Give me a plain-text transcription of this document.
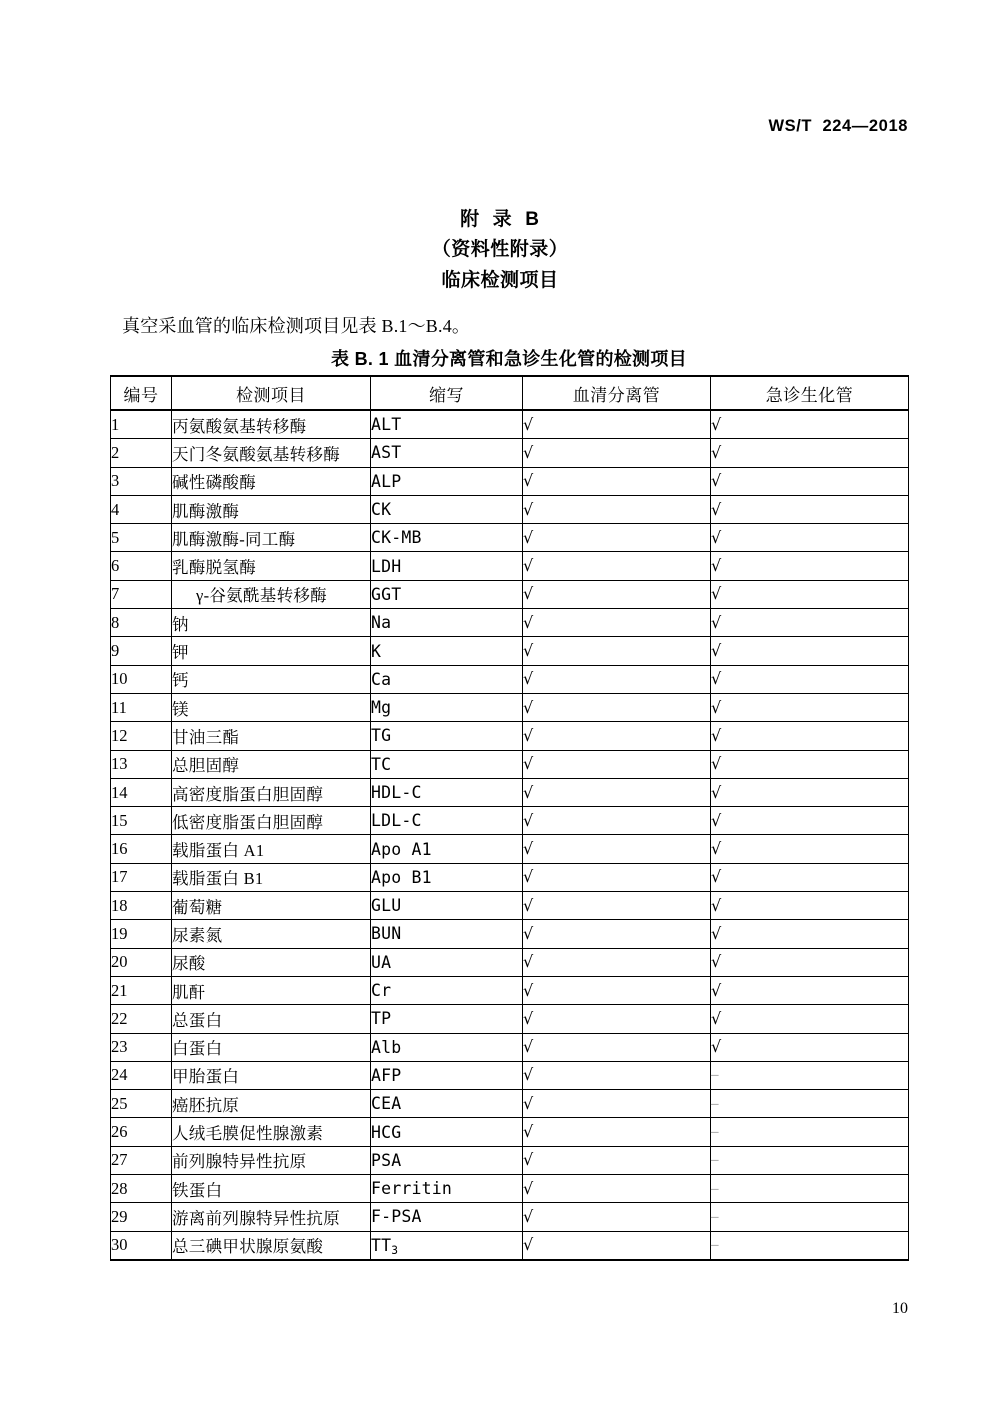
WS/T  224—2018
附  录  B
（资料性附录）
临床检测项目
真空采血管的临床检测项目见表 B.1～B.4。
表 B. 1 血清分离管和急诊生化管的检测项目
编号	检测项目	缩写	血清分离管	急诊生化管
1	丙氨酸氨基转移酶	ALT	√	√
2	天门冬氨酸氨基转移酶	AST	√	√
3	碱性磷酸酶	ALP	√	√
4	肌酶激酶	CK	√	√
5	肌酶激酶-同工酶	CK-MB	√	√
6	乳酶脱氢酶	LDH	√	√
7	γ-谷氨酰基转移酶	GGT	√	√
8	钠	Na	√	√
9	钾	K	√	√
10	钙	Ca	√	√
11	镁	Mg	√	√
12	甘油三酯	TG	√	√
13	总胆固醇	TC	√	√
14	高密度脂蛋白胆固醇	HDL-C	√	√
15	低密度脂蛋白胆固醇	LDL-C	√	√
16	载脂蛋白 A1	Apo A1	√	√
17	载脂蛋白 B1	Apo B1	√	√
18	葡萄糖	GLU	√	√
19	尿素氮	BUN	√	√
20	尿酸	UA	√	√
21	肌酐	Cr	√	√
22	总蛋白	TP	√	√
23	白蛋白	Alb	√	√
24	甲胎蛋白	AFP	√	–
25	癌胚抗原	CEA	√	–
26	人绒毛膜促性腺激素	HCG	√	–
27	前列腺特异性抗原	PSA	√	–
28	铁蛋白	Ferritin	√	–
29	游离前列腺特异性抗原	F-PSA	√	–
30	总三碘甲状腺原氨酸	$TT_3$	√	–
10
